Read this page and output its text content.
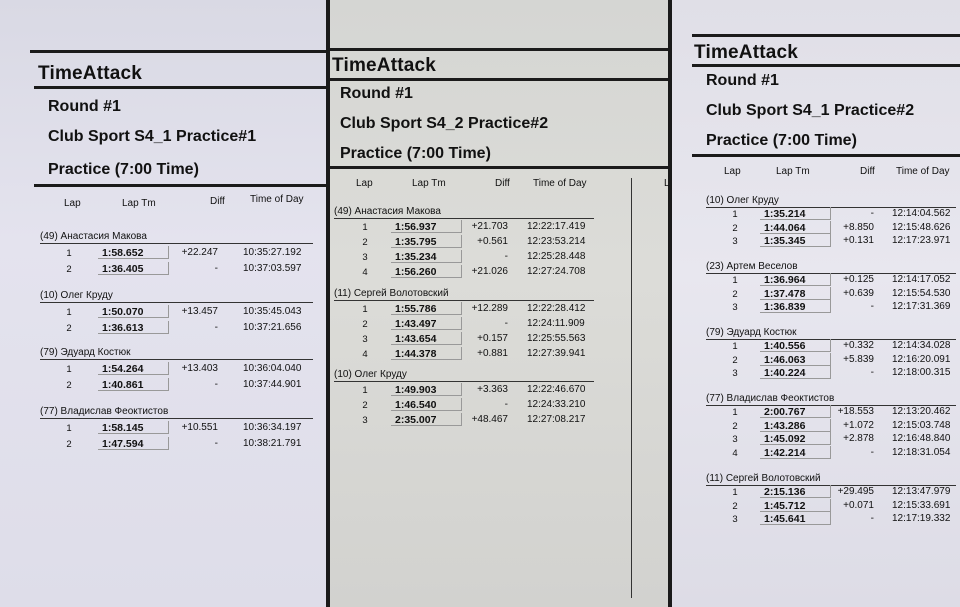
TimeAttack
Round #1
Club Sport S4_1 Practice#1
Practice (7:00 Time)
Lap	Lap Tm	Diff	Time of Day
(49) Анастасия Макова
1	1:58.652	+22.247	10:35:27.192
2	1:36.405	-	10:37:03.597
(10) Олег Круду
1	1:50.070	+13.457	10:35:45.043
2	1:36.613	-	10:37:21.656
(79) Эдуард Костюк
1	1:54.264	+13.403	10:36:04.040
2	1:40.861	-	10:37:44.901
(77) Владислав Феоктистов
1	1:58.145	+10.551	10:36:34.197
2	1:47.594	-	10:38:21.791
TimeAttack
Round #1
Club Sport S4_2 Practice#2
Practice (7:00 Time)
Lap	Lap Tm	Diff Time of Day	L
(49) Анастасия Макова
1	1:56.937	+21.703 12:22:17.419
2	1:35.795	+0.561 12:23:53.214
3	1:35.234	- 12:25:28.448
4	1:56.260	+21.026 12:27:24.708
(11) Сергей Волотовский
1	1:55.786	+12.289 12:22:28.412
2	1:43.497	- 12:24:11.909
3	1:43.654	+0.157 12:25:55.563
4	1:44.378	+0.881 12:27:39.941
(10) Олег Круду
1	1:49.903	+3.363 12:22:46.670
2	1:46.540	- 12:24:33.210
3	2:35.007	+48.467 12:27:08.217
TimeAttack
Round #1
Club Sport S4_1 Practice#2
Practice (7:00 Time)
Lap	Lap Tm	Diff Time of Day
(10) Олег Круду
1	1:35.214	- 12:14:04.562
2	1:44.064	+8.850 12:15:48.626
3	1:35.345	+0.131 12:17:23.971
(23) Артем Веселов
1	1:36.964	+0.125 12:14:17.052
2	1:37.478	+0.639 12:15:54.530
3	1:36.839	- 12:17:31.369
(79) Эдуард Костюк
1	1:40.556	+0.332 12:14:34.028
2	1:46.063	+5.839 12:16:20.091
3	1:40.224	- 12:18:00.315
(77) Владислав Феоктистов
1	2:00.767	+18.553 12:13:20.462
2	1:43.286	+1.072 12:15:03.748
3	1:45.092	+2.878 12:16:48.840
4	1:42.214	- 12:18:31.054
(11) Сергей Волотовский
1	2:15.136	+29.495 12:13:47.979
2	1:45.712	+0.071 12:15:33.691
3	1:45.641	- 12:17:19.332
